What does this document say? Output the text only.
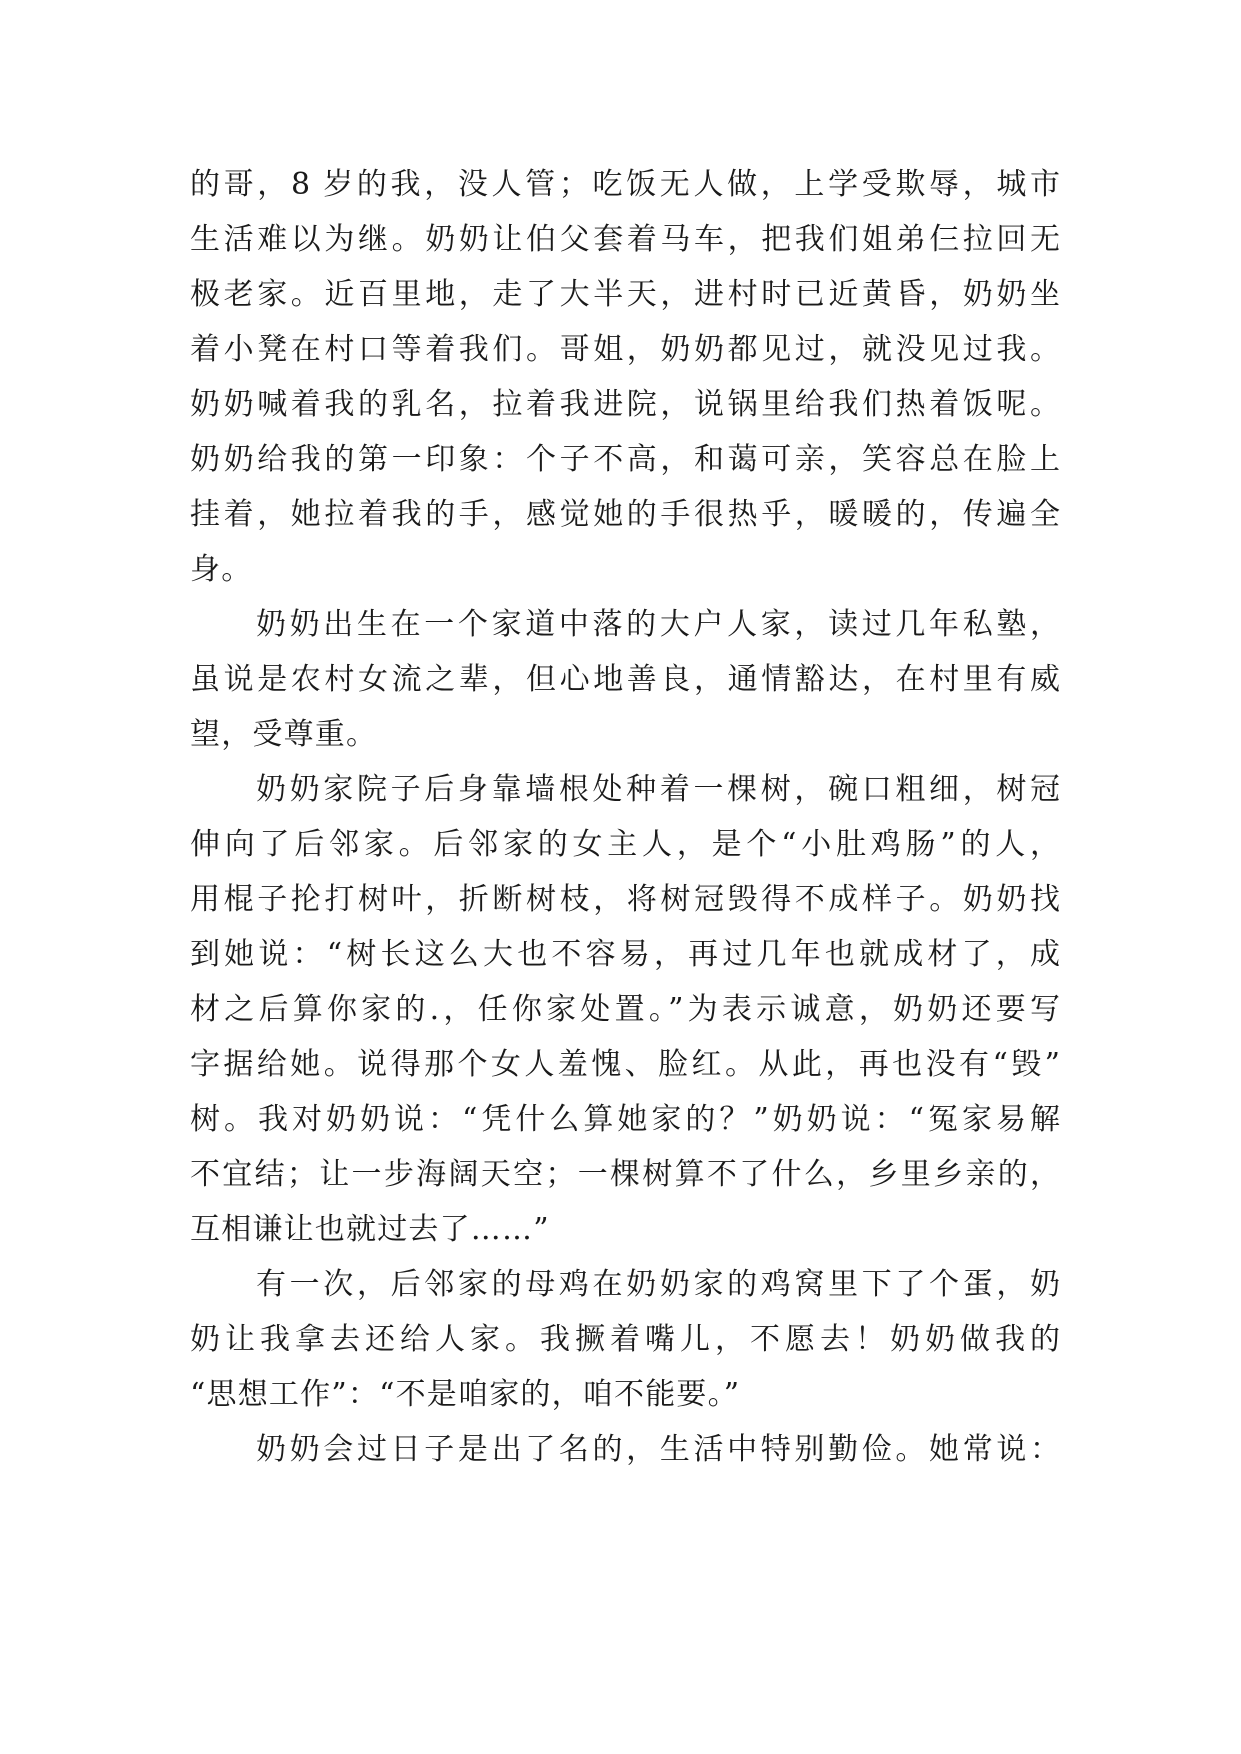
的哥，8 岁的我，没人管；吃饭无人做，上学受欺辱，城市
生活难以为继。奶奶让伯父套着马车，把我们姐弟仨拉回无
极老家。近百里地，走了大半天，进村时已近黄昏，奶奶坐
着小凳在村口等着我们。哥姐，奶奶都见过，就没见过我。
奶奶喊着我的乳名，拉着我进院，说锅里给我们热着饭呢。
奶奶给我的第一印象：个子不高，和蔼可亲，笑容总在脸上
挂着，她拉着我的手，感觉她的手很热乎，暖暖的，传遍全
身。
奶奶出生在一个家道中落的大户人家，读过几年私塾，
虽说是农村女流之辈，但心地善良，通情豁达，在村里有威
望，受尊重。
奶奶家院子后身靠墙根处种着一棵树，碗口粗细，树冠
伸向了后邻家。后邻家的女主人，是个“小肚鸡肠”的人，
用棍子抡打树叶，折断树枝，将树冠毁得不成样子。奶奶找
到她说：“树长这么大也不容易，再过几年也就成材了，成
材之后算你家的.，任你家处置。”为表示诚意，奶奶还要写
字据给她。说得那个女人羞愧、脸红。从此，再也没有“毁”
树。我对奶奶说：“凭什么算她家的？”奶奶说：“冤家易解
不宜结；让一步海阔天空；一棵树算不了什么，乡里乡亲的，
互相谦让也就过去了……”
有一次，后邻家的母鸡在奶奶家的鸡窝里下了个蛋，奶
奶让我拿去还给人家。我撅着嘴儿，不愿去！奶奶做我的
“思想工作”：“不是咱家的，咱不能要。”
奶奶会过日子是出了名的，生活中特别勤俭。她常说：
